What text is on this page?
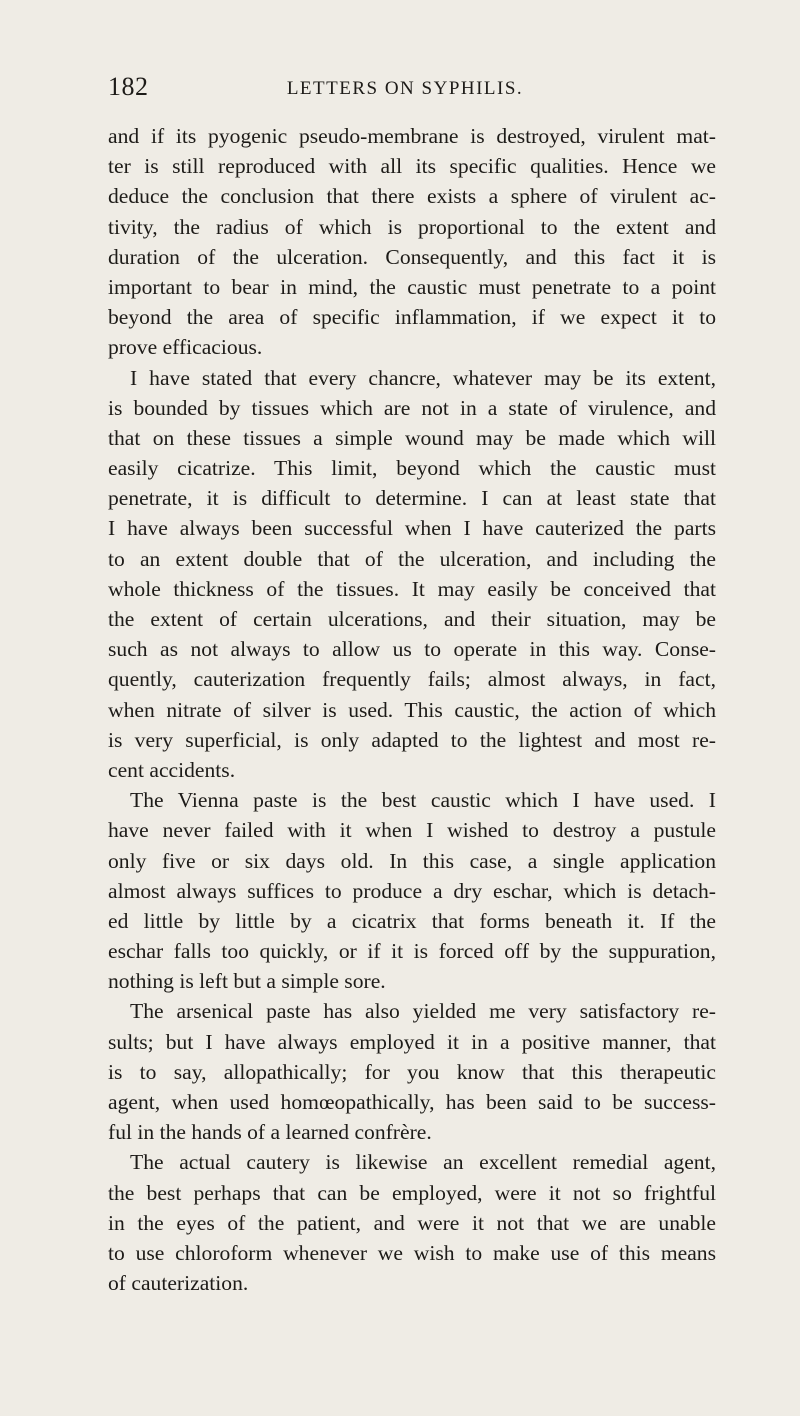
182	LETTERS ON SYPHILIS.
and if its pyogenic pseudo-membrane is destroyed, virulent mat-
ter is still reproduced with all its specific qualities. Hence we
deduce the conclusion that there exists a sphere of virulent ac-
tivity, the radius of which is proportional to the extent and
duration of the ulceration. Consequently, and this fact it is
important to bear in mind, the caustic must penetrate to a point
beyond the area of specific inflammation, if we expect it to
prove efficacious.
I have stated that every chancre, whatever may be its extent,
is bounded by tissues which are not in a state of virulence, and
that on these tissues a simple wound may be made which will
easily cicatrize. This limit, beyond which the caustic must
penetrate, it is difficult to determine. I can at least state that
I have always been successful when I have cauterized the parts
to an extent double that of the ulceration, and including the
whole thickness of the tissues. It may easily be conceived that
the extent of certain ulcerations, and their situation, may be
such as not always to allow us to operate in this way. Conse-
quently, cauterization frequently fails; almost always, in fact,
when nitrate of silver is used. This caustic, the action of which
is very superficial, is only adapted to the lightest and most re-
cent accidents.
The Vienna paste is the best caustic which I have used. I
have never failed with it when I wished to destroy a pustule
only five or six days old. In this case, a single application
almost always suffices to produce a dry eschar, which is detach-
ed little by little by a cicatrix that forms beneath it. If the
eschar falls too quickly, or if it is forced off by the suppuration,
nothing is left but a simple sore.
The arsenical paste has also yielded me very satisfactory re-
sults; but I have always employed it in a positive manner, that
is to say, allopathically; for you know that this therapeutic
agent, when used homœopathically, has been said to be success-
ful in the hands of a learned confrère.
The actual cautery is likewise an excellent remedial agent,
the best perhaps that can be employed, were it not so frightful
in the eyes of the patient, and were it not that we are unable
to use chloroform whenever we wish to make use of this means
of cauterization.
